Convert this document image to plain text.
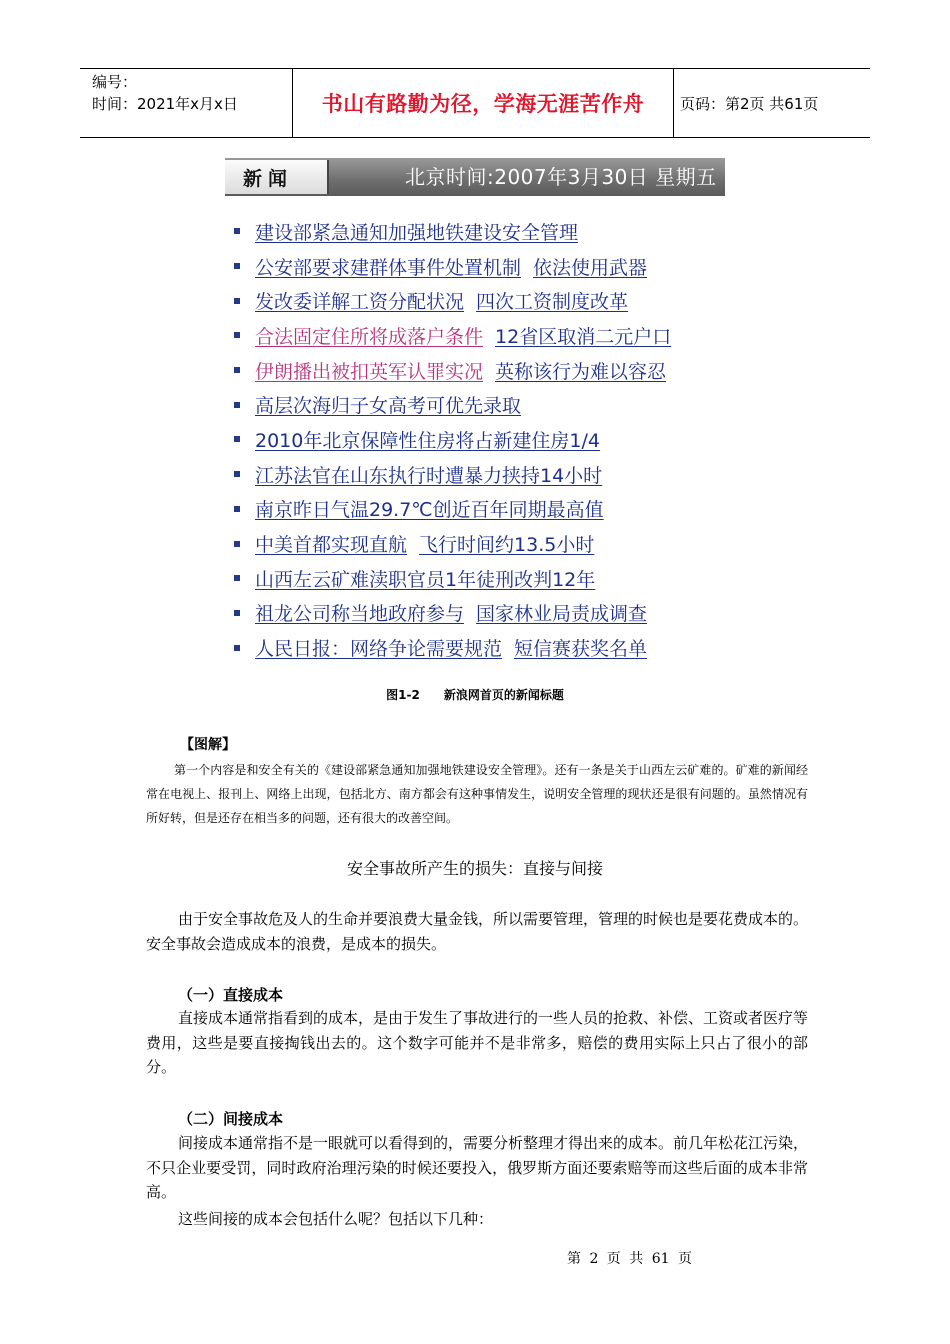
编号：
时间：2021年x月x日	书山有路勤为径，学海无涯苦作舟	页码：第2页 共61页
新闻	北京时间:2007年3月30日 星期五
建设部紧急通知加强地铁建设安全管理
公安部要求建群体事件处置机制 依法使用武器
发改委详解工资分配状况 四次工资制度改革
合法固定住所将成落户条件 12省区取消二元户口
伊朗播出被扣英军认罪实况 英称该行为难以容忍
高层次海归子女高考可优先录取
2010年北京保障性住房将占新建住房1/4
江苏法官在山东执行时遭暴力挟持14小时
南京昨日气温29.7℃创近百年同期最高值
中美首都实现直航 飞行时间约13.5小时
山西左云矿难渎职官员1年徒刑改判12年
祖龙公司称当地政府参与 国家林业局责成调查
人民日报：网络争论需要规范 短信赛获奖名单
图1-2 新浪网首页的新闻标题
【图解】
第一个内容是和安全有关的《建设部紧急通知加强地铁建设安全管理》。还有一条是关于山西左云矿难的。矿难的新闻经常在电视上、报刊上、网络上出现，包括北方、南方都会有这种事情发生，说明安全管理的现状还是很有问题的。虽然情况有所好转，但是还存在相当多的问题，还有很大的改善空间。
安全事故所产生的损失：直接与间接
由于安全事故危及人的生命并要浪费大量金钱，所以需要管理，管理的时候也是要花费成本的。安全事故会造成成本的浪费，是成本的损失。
（一）直接成本
直接成本通常指看到的成本，是由于发生了事故进行的一些人员的抢救、补偿、工资或者医疗等费用，这些是要直接掏钱出去的。这个数字可能并不是非常多，赔偿的费用实际上只占了很小的部分。
（二）间接成本
间接成本通常指不是一眼就可以看得到的，需要分析整理才得出来的成本。前几年松花江污染，不只企业要受罚，同时政府治理污染的时候还要投入，俄罗斯方面还要索赔等而这些后面的成本非常高。
这些间接的成本会包括什么呢？包括以下几种：
第 2 页 共 61 页
